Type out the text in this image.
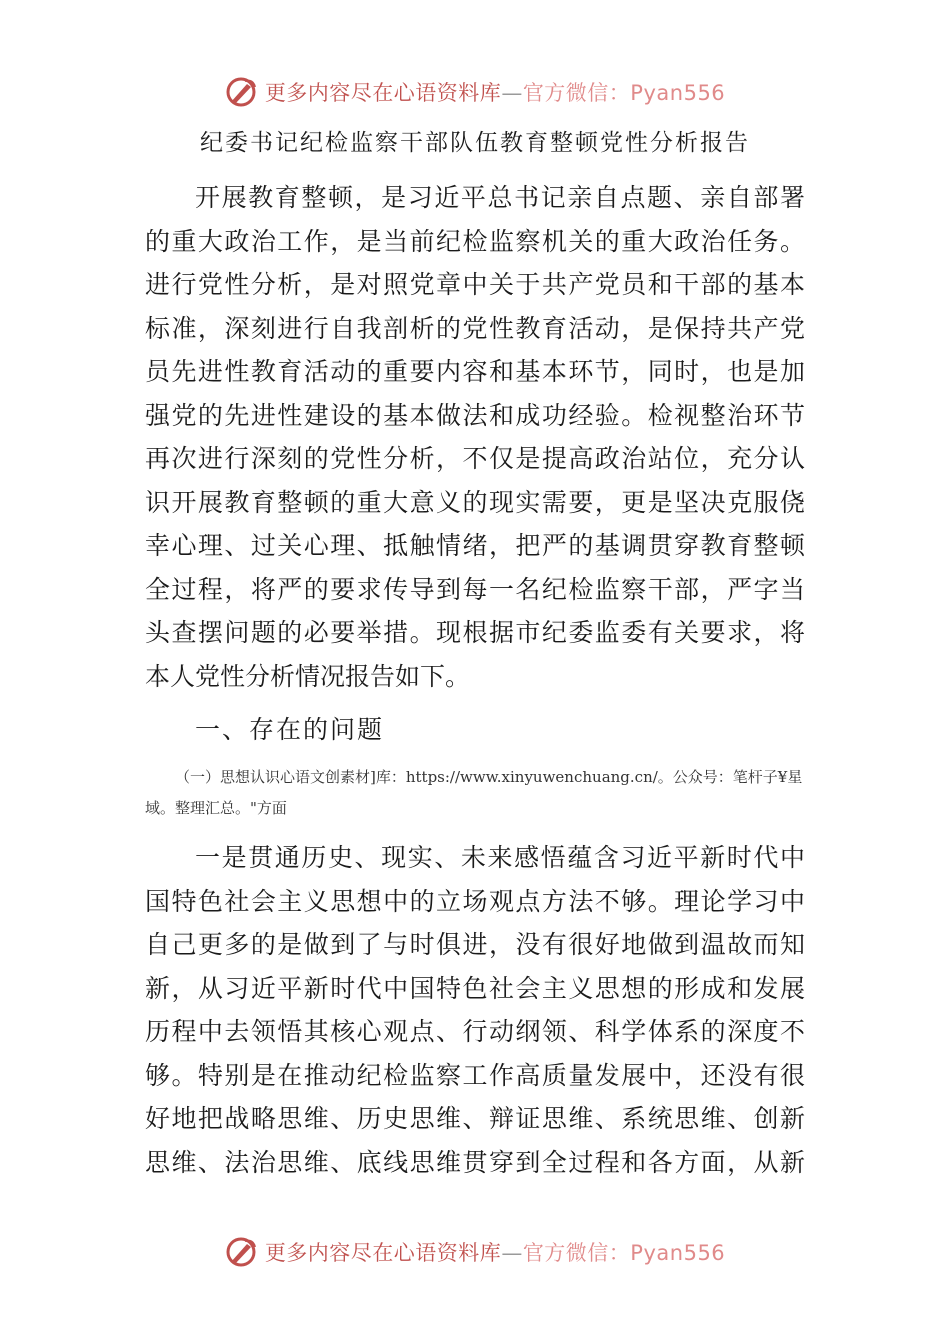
更多内容尽在心语资料库—官方微信：Pyan556
纪委书记纪检监察干部队伍教育整顿党性分析报告
开展教育整顿，是习近平总书记亲自点题、亲自部署
的重大政治工作，是当前纪检监察机关的重大政治任务。
进行党性分析，是对照党章中关于共产党员和干部的基本
标准，深刻进行自我剖析的党性教育活动，是保持共产党
员先进性教育活动的重要内容和基本环节，同时，也是加
强党的先进性建设的基本做法和成功经验。检视整治环节
再次进行深刻的党性分析，不仅是提高政治站位，充分认
识开展教育整顿的重大意义的现实需要，更是坚决克服侥
幸心理、过关心理、抵触情绪，把严的基调贯穿教育整顿
全过程，将严的要求传导到每一名纪检监察干部，严字当
头查摆问题的必要举措。现根据市纪委监委有关要求，将
本人党性分析情况报告如下。
一、存在的问题
（一）思想认识心语文创素材]库：https://www.xinyuwenchuang.cn/。公众号：笔杆子¥星域。整理汇总。"方面
一是贯通历史、现实、未来感悟蕴含习近平新时代中
国特色社会主义思想中的立场观点方法不够。理论学习中
自己更多的是做到了与时俱进，没有很好地做到温故而知
新，从习近平新时代中国特色社会主义思想的形成和发展
历程中去领悟其核心观点、行动纲领、科学体系的深度不
够。特别是在推动纪检监察工作高质量发展中，还没有很
好地把战略思维、历史思维、辩证思维、系统思维、创新
思维、法治思维、底线思维贯穿到全过程和各方面，从新
更多内容尽在心语资料库—官方微信：Pyan556
